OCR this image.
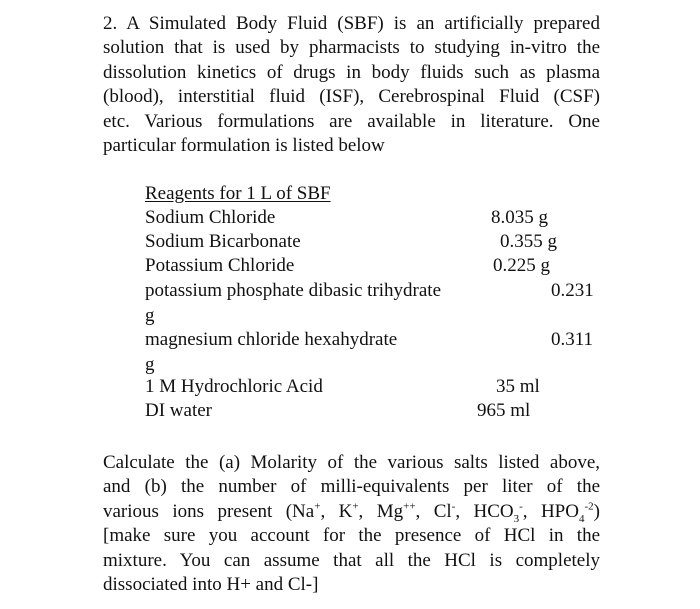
2. A Simulated Body Fluid (SBF) is an artificially prepared
solution that is used by pharmacists to studying in-vitro the
dissolution kinetics of drugs in body fluids such as plasma
(blood), interstitial fluid (ISF), Cerebrospinal Fluid (CSF)
etc. Various formulations are available in literature. One
particular formulation is listed below
Reagents for 1 L of SBF
Sodium Chloride	8.035 g
Sodium Bicarbonate	0.355 g
Potassium Chloride	0.225 g
potassium phosphate dibasic trihydrate	0.231
g
magnesium chloride hexahydrate	0.311
g
1 M Hydrochloric Acid	35 ml
DI water	965 ml
Calculate the (a) Molarity of the various salts listed above,
and (b) the number of milli-equivalents per liter of the
various ions present (Na+, K+, Mg++, Cl-, $HCO_3^-$, $HPO_4^{-2}$)
[make sure you account for the presence of HCl in the
mixture. You can assume that all the HCl is completely
dissociated into H+ and Cl-]
